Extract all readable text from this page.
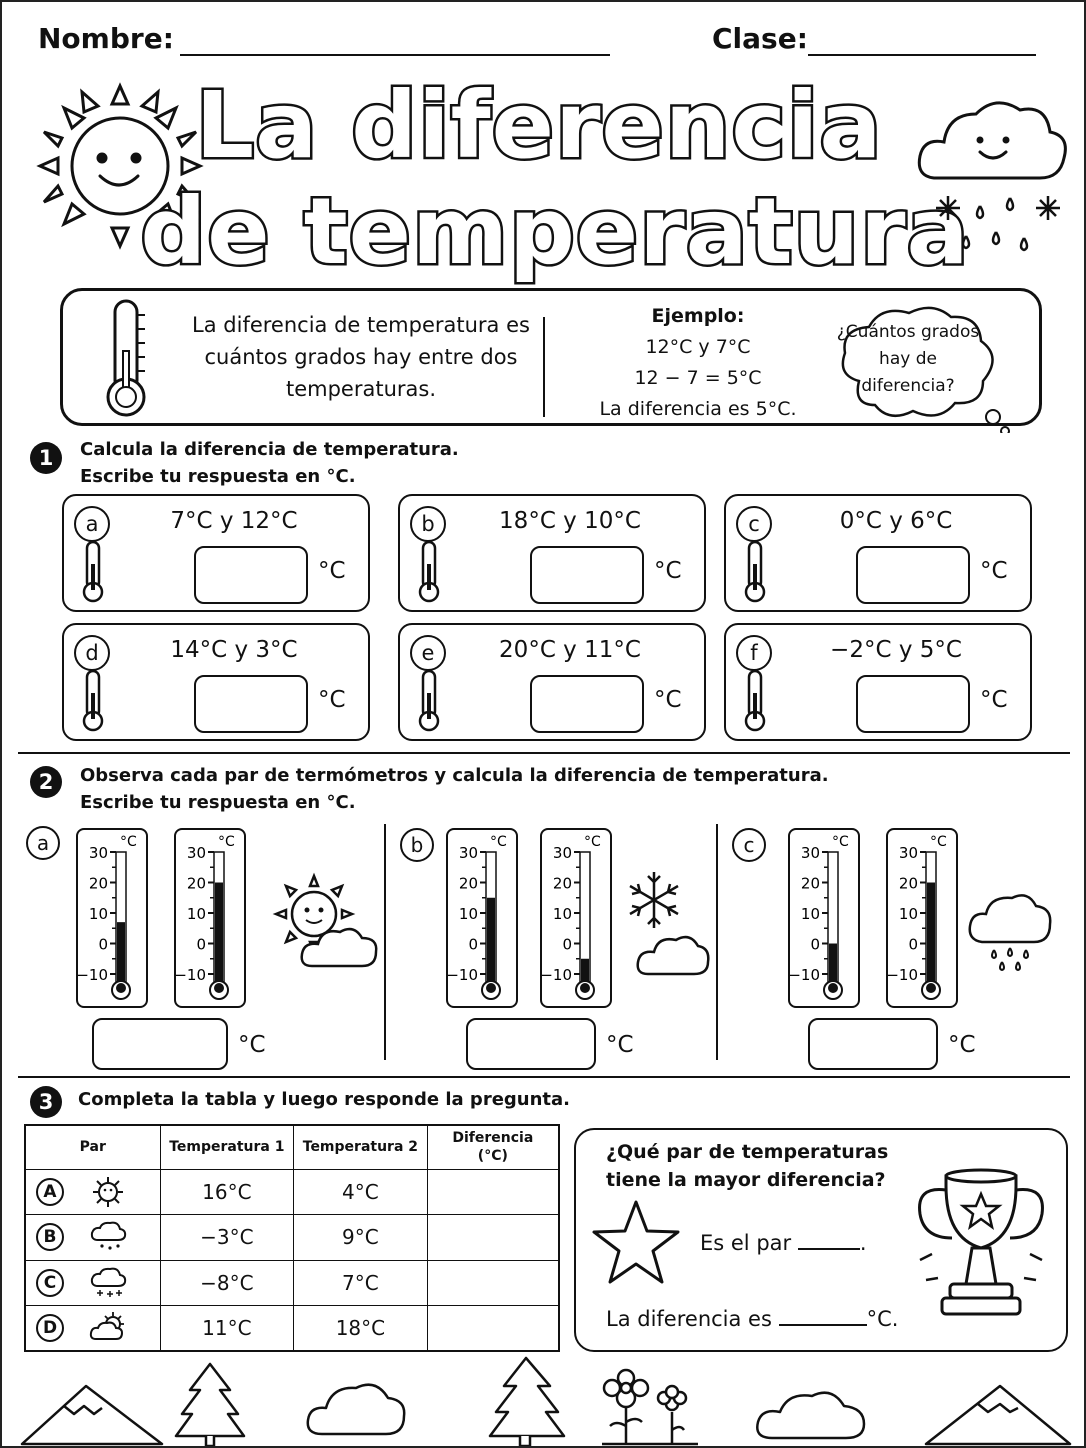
Nombre:	Clase:
La diferencia
de temperatura
La diferencia de temperatura es cuántos grados hay entre dos temperaturas.
Ejemplo:
12°C y 7°C
12 − 7 = 5°C
La diferencia es 5°C.
¿Cuántos grados hay de diferencia?
1	Calcula la diferencia de temperatura.
Escribe tu respuesta en °C.
a	7°C y 12°C
°C
b	18°C y 10°C
°C
c	0°C y 6°C
°C
d	14°C y 3°C
°C
e	20°C y 11°C
°C
f	−2°C y 5°C
°C
2	Observa cada par de termómetros y calcula la diferencia de temperatura.
Escribe tu respuesta en °C.
a	b	c
°C
30
20
10
0
−10
°C
30
20
10
0
−10
°C
30
20
10
0
−10
°C
30
20
10
0
−10
°C
30
20
10
0
−10
°C
30
20
10
0
−10
°C	°C	°C
3	Completa la tabla y luego responde la pregunta.
Par	Temperatura 1	Temperatura 2	Diferencia (°C)
A	16°C	4°C	
B	−3°C	9°C	
C	−8°C	7°C	
D	11°C	18°C	
¿Qué par de temperaturas
tiene la mayor diferencia?
Es el par	.
La diferencia es	°C.
